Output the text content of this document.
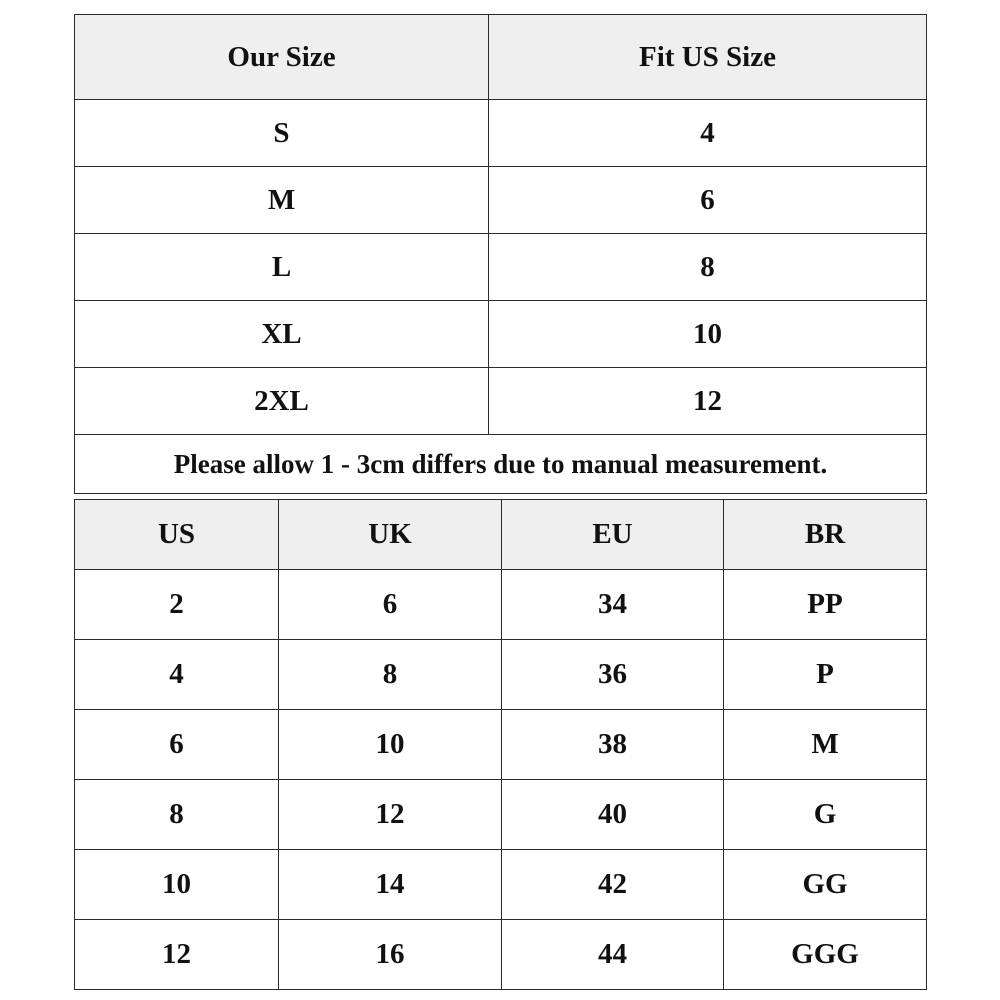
Our Size	Fit US Size
S	4
M	6
L	8
XL	10
2XL	12
Please allow 1 - 3cm differs due to manual measurement.	
US	UK	EU	BR
2	6	34	PP
4	8	36	P
6	10	38	M
8	12	40	G
10	14	42	GG
12	16	44	GGG
